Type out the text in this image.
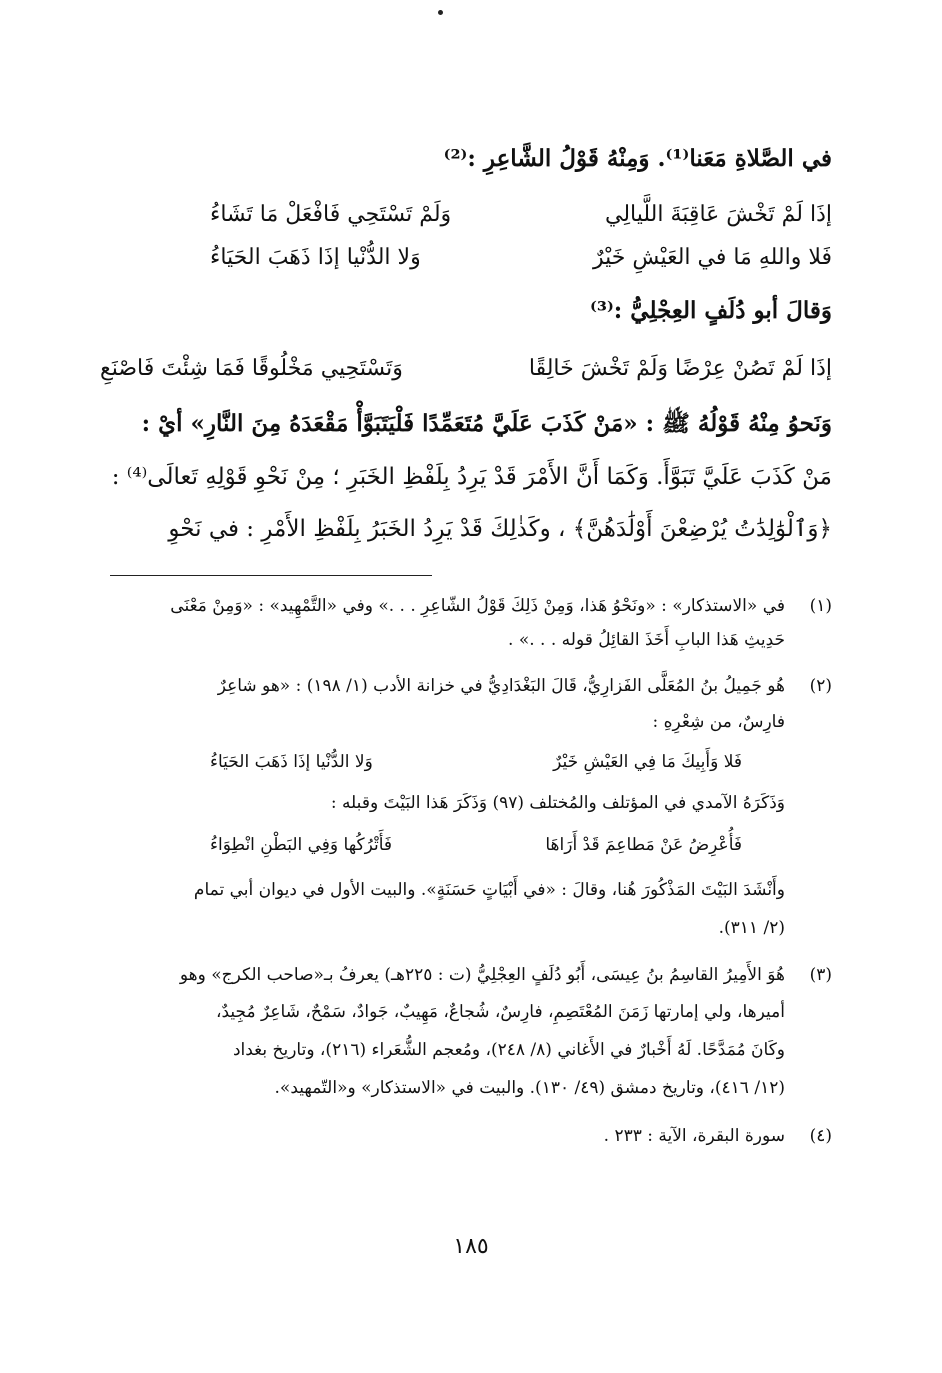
في الصَّلاةِ مَعَنا⁽¹⁾. وَمِنْهُ قَوْلُ الشَّاعِرِ :⁽²⁾
إذَا لَمْ تَخْشَ عَاقِبَةَ اللَّيالِي
وَلَمْ تَسْتَحِي فَافْعَلْ مَا تَشَاءُ
فَلا واللهِ مَا في العَيْشِ خَيْرٌ
وَلا الدُّنْيا إذَا ذَهَبَ الحَيَاءُ
وَقالَ أبو دُلَفٍ العِجْلِيُّ :⁽³⁾
إذَا لَمْ تَصُنْ عِرْضًا وَلَمْ تَخْشَ خَالِقًا
وَتَسْتَحِيي مَخْلُوقًا فَمَا شِئْتَ فَاصْنَعِ
وَنَحوُ مِنْهُ قَوْلُهُ ﷺ : «مَنْ كَذَبَ عَلَيَّ مُتَعَمِّدًا فَلْيَتَبَوَّأْ مَقْعَدَهُ مِنَ النَّارِ» أيْ :
مَنْ كَذَبَ عَلَيَّ تَبَوَّأَ. وَكَمَا أَنَّ الأَمْرَ قَدْ يَرِدُ بِلَفْظِ الخَبَرِ ؛ مِنْ نَحْوِ قَوْلِهِ تَعالَى⁽⁴⁾ :
﴿وَٱلْوَٰلِدَٰتُ يُرْضِعْنَ أَوْلَٰدَهُنَّ﴾ ، وكَذٰلِكَ قَدْ يَرِدُ الخَبَرُ بِلَفْظِ الأَمْرِ : في نَحْوِ
(١)
في «الاستذكار» : «ونَحْوُ هَذا، وَمِنْ ذَلِكَ قَوْلُ الشّاعِرِ . . .» وفي «التَّمْهِيد» : «وَمِنْ مَعْنَى
حَدِيثِ هَذا البابِ أَخَذَ القائِلُ قوله . . .» .
(٢)
هُو جَمِيلُ بنُ المُعَلَّى الفَزارِيُّ، قَالَ البَغْدَادِيُّ في خزانة الأدب (١/ ١٩٨) : «هو شاعِرٌ
فارِسٌ، من شِعْرِهِ :
فَلا وَأَبِيكَ مَا فِي العَيْشِ خَيْرٌ
وَلا الدُّنْيا إذَا ذَهَبَ الحَيَاءُ
وَذَكَرَهُ الآمدي في المؤتلف والمُختلف (٩٧) وَذَكَرَ هَذا البَيْتَ وقبله :
فَأُعْرِضُ عَنْ مَطاعِمَ قَدْ أَرَاهَا
فَأَتْرُكُها وَفِي البَطْنِ انْطِوَاءُ
وأَنْشَدَ البَيْتَ المَذْكُورَ هُنا، وقالَ : «في أَبْيَاتٍ حَسَنَةٍ». والبيت الأول في ديوان أبي تمام
(٢/ ٣١١).
(٣)
هُوَ الأَمِيرُ القاسِمُ بنُ عِيسَى، أَبُو دُلَفٍ العِجْلِيُّ (ت : ٢٢٥هـ) يعرفُ بـ«صاحب الكرج» وهو
أميرها، ولي إمارتها زَمَنَ المُعْتَصِمِ، فارِسٌ، شُجاعٌ، مَهِيبٌ، جَوادٌ، سَمْحٌ، شَاعِرٌ مُجِيدٌ،
وكَانَ مُمَدَّحًا. لَهُ أَخْبارٌ في الأَغاني (٨/ ٢٤٨)، ومُعجم الشُّعَراء (٢١٦)، وتاريخ بغداد
(١٢/ ٤١٦)، وتاريخ دمشق (٤٩/ ١٣٠). والبيت في «الاستذكار» و«التّمهيد».
(٤)
سورة البقرة، الآية : ٢٣٣ .
١٨٥
